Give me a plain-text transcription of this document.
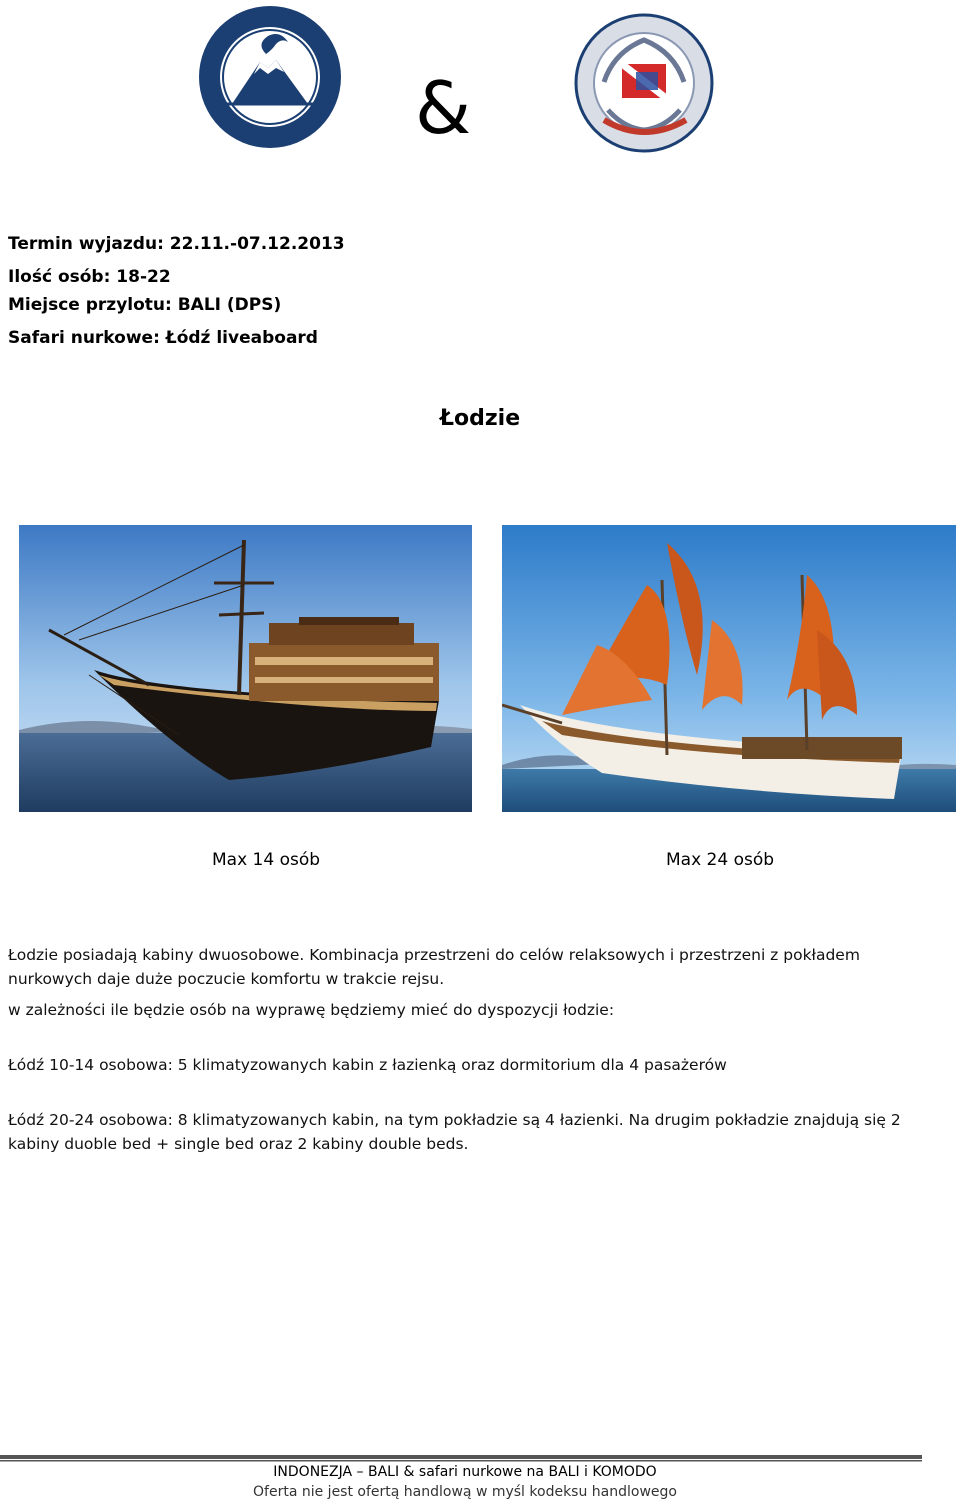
&
Termin wyjazdu: 22.11.-07.12.2013
Ilość osób: 18-22
Miejsce przylotu: BALI (DPS)
Safari nurkowe: Łódź liveaboard
Łodzie
Max 14 osób	Max 24 osób
Łodzie posiadają kabiny dwuosobowe. Kombinacja przestrzeni do celów relaksowych i przestrzeni z pokładem nurkowych daje duże poczucie komfortu w trakcie rejsu.
w zależności ile będzie osób na wyprawę będziemy mieć do dyspozycji łodzie:
Łódź 10-14 osobowa: 5 klimatyzowanych kabin z łazienką oraz dormitorium dla 4 pasażerów
Łódź 20-24 osobowa: 8 klimatyzowanych kabin, na tym pokładzie są 4 łazienki. Na drugim pokładzie znajdują się 2 kabiny duoble bed + single bed oraz 2 kabiny double beds.
INDONEZJA – BALI & safari nurkowe na BALI i KOMODO
Oferta nie jest ofertą handlową w myśl kodeksu handlowego
